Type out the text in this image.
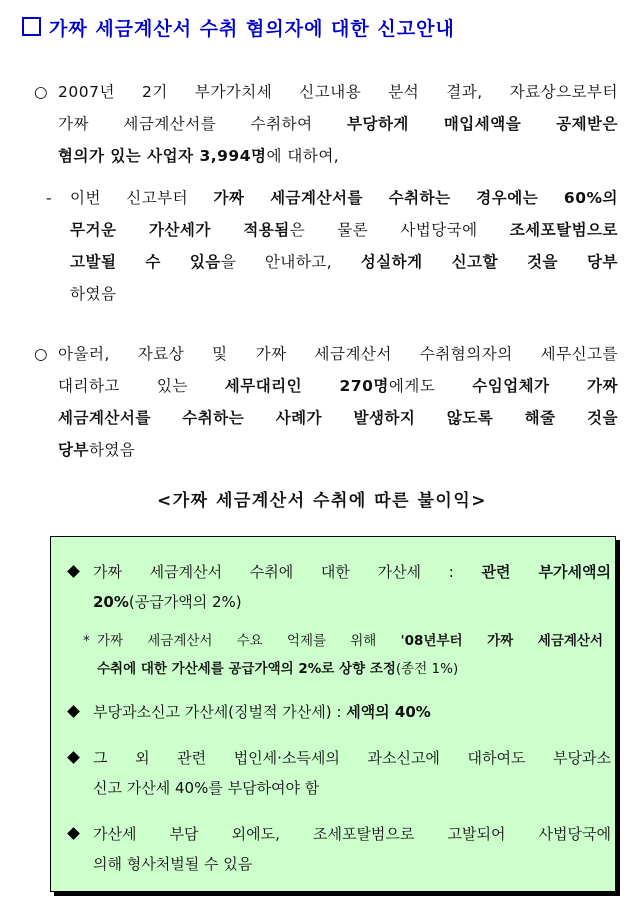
가짜 세금계산서 수취 혐의자에 대한 신고안내
○ 2007년 2기 부가가치세 신고내용 분석 결과, 자료상으로부터
가짜 세금계산서를 수취하여 부당하게 매입세액을 공제받은
혐의가 있는 사업자 3,994명에 대하여,
- 이번 신고부터 가짜 세금계산서를 수취하는 경우에는 60%의
무거운 가산세가 적용됨은 물론 사법당국에 조세포탈범으로
고발될 수 있음을 안내하고, 성실하게 신고할 것을 당부
하였음
○ 아울러, 자료상 및 가짜 세금계산서 수취혐의자의 세무신고를
대리하고 있는 세무대리인 270명에게도 수임업체가 가짜
세금계산서를 수취하는 사례가 발생하지 않도록 해줄 것을
당부하였음
<가짜 세금계산서 수취에 따른 불이익>
가짜 세금계산서 수취에 대한 가산세 : 관련 부가세액의
20%(공급가액의 2%)
* 가짜 세금계산서 수요 억제를 위해 '08년부터 가짜 세금계산서
수취에 대한 가산세를 공급가액의 2%로 상향 조정(종전 1%)
부당과소신고 가산세(징벌적 가산세) : 세액의 40%
그 외 관련 법인세·소득세의 과소신고에 대하여도 부당과소
신고 가산세 40%를 부담하여야 함
가산세 부담 외에도, 조세포탈범으로 고발되어 사법당국에
의해 형사처벌될 수 있음
